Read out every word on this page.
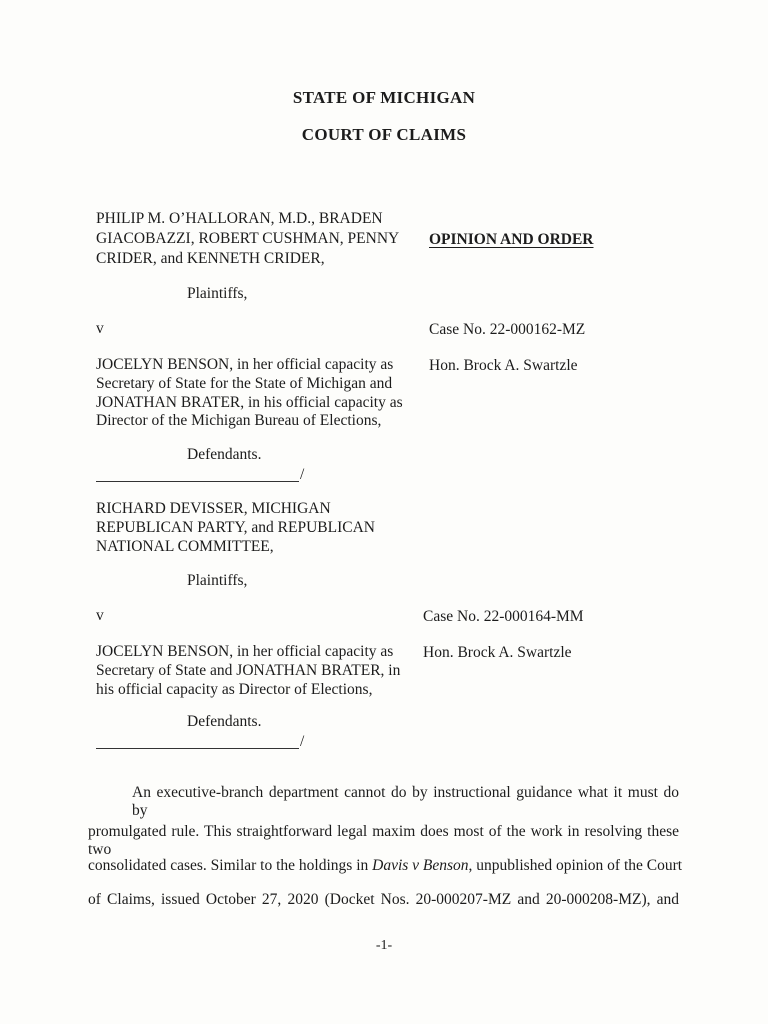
STATE OF MICHIGAN
COURT OF CLAIMS
PHILIP M. O’HALLORAN, M.D., BRADEN
GIACOBAZZI, ROBERT CUSHMAN, PENNY
CRIDER, and KENNETH CRIDER,
OPINION AND ORDER
Plaintiffs,
v	Case No. 22-000162-MZ
JOCELYN BENSON, in her official capacity as
Secretary of State for the State of Michigan and
JONATHAN BRATER, in his official capacity as
Director of the Michigan Bureau of Elections,
Hon. Brock A. Swartzle
Defendants.
/
RICHARD DEVISSER, MICHIGAN
REPUBLICAN PARTY, and REPUBLICAN
NATIONAL COMMITTEE,
Plaintiffs,
v	Case No. 22-000164-MM
JOCELYN BENSON, in her official capacity as
Secretary of State and JONATHAN BRATER, in
his official capacity as Director of Elections,
Hon. Brock A. Swartzle
Defendants.
/
An executive-branch department cannot do by instructional guidance what it must do by
promulgated rule. This straightforward legal maxim does most of the work in resolving these two
consolidated cases. Similar to the holdings in Davis v Benson, unpublished opinion of the Court
of Claims, issued October 27, 2020 (Docket Nos. 20-000207-MZ and 20-000208-MZ), and
-1-
